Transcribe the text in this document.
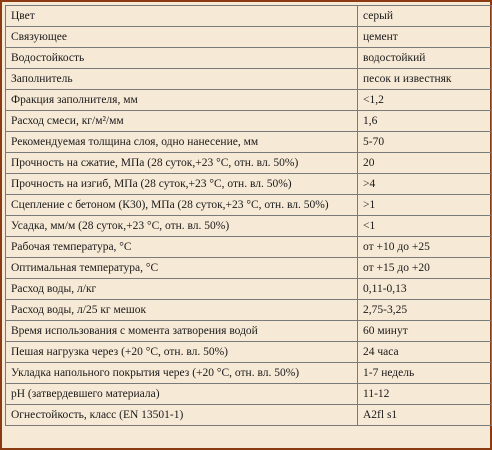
Цвет	серый
Связующее	цемент
Водостойкость	водостойкий
Заполнитель	песок и известняк
Фракция заполнителя, мм	<1,2
Расход смеси, кг/м²/мм	1,6
Рекомендуемая толщина слоя, одно нанесение, мм	5-70
Прочность на сжатие, МПа (28 суток,+23 °С, отн. вл. 50%)	20
Прочность на изгиб, МПа (28 суток,+23 °С, отн. вл. 50%)	>4
Сцепление с бетоном (К30), МПа (28 суток,+23 °С, отн. вл. 50%)	>1
Усадка, мм/м (28 суток,+23 °С, отн. вл. 50%)	<1
Рабочая температура, °С	от +10 до +25
Оптимальная температура, °С	от +15 до +20
Расход воды, л/кг	0,11-0,13
Расход воды, л/25 кг мешок	2,75-3,25
Время использования с момента затворения водой	60 минут
Пешая нагрузка через (+20 °С, отн. вл. 50%)	24 часа
Укладка напольного покрытия через (+20 °С, отн. вл. 50%)	1-7 недель
pH (затвердевшего материала)	11-12
Огнестойкость, класс (EN 13501-1)	A2fl s1
